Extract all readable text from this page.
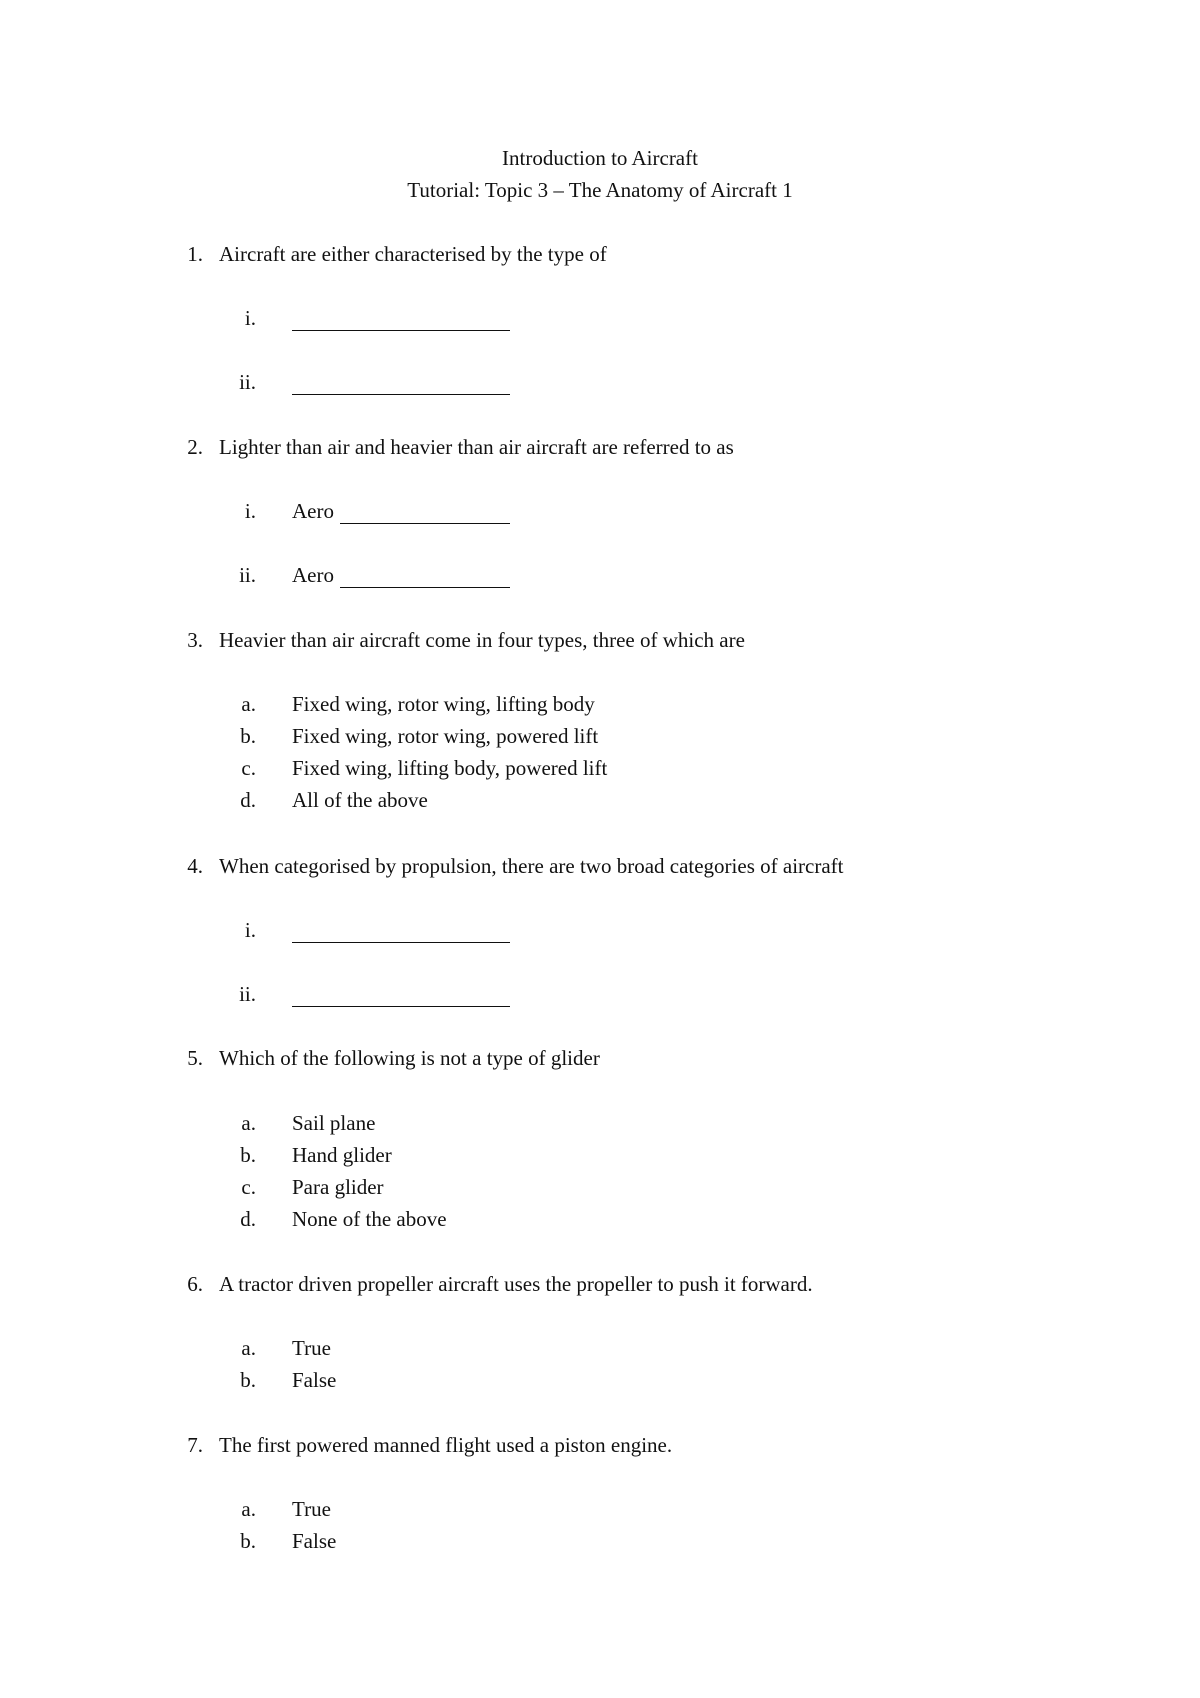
Introduction to Aircraft
Tutorial: Topic 3 – The Anatomy of Aircraft 1
1. Aircraft are either characterised by the type of
i.
ii.
2. Lighter than air and heavier than air aircraft are referred to as
i. Aero
ii. Aero
3. Heavier than air aircraft come in four types, three of which are
a. Fixed wing, rotor wing, lifting body
b. Fixed wing, rotor wing, powered lift
c. Fixed wing, lifting body, powered lift
d. All of the above
4. When categorised by propulsion, there are two broad categories of aircraft
i.
ii.
5. Which of the following is not a type of glider
a. Sail plane
b. Hand glider
c. Para glider
d. None of the above
6. A tractor driven propeller aircraft uses the propeller to push it forward.
a. True
b. False
7. The first powered manned flight used a piston engine.
a. True
b. False
